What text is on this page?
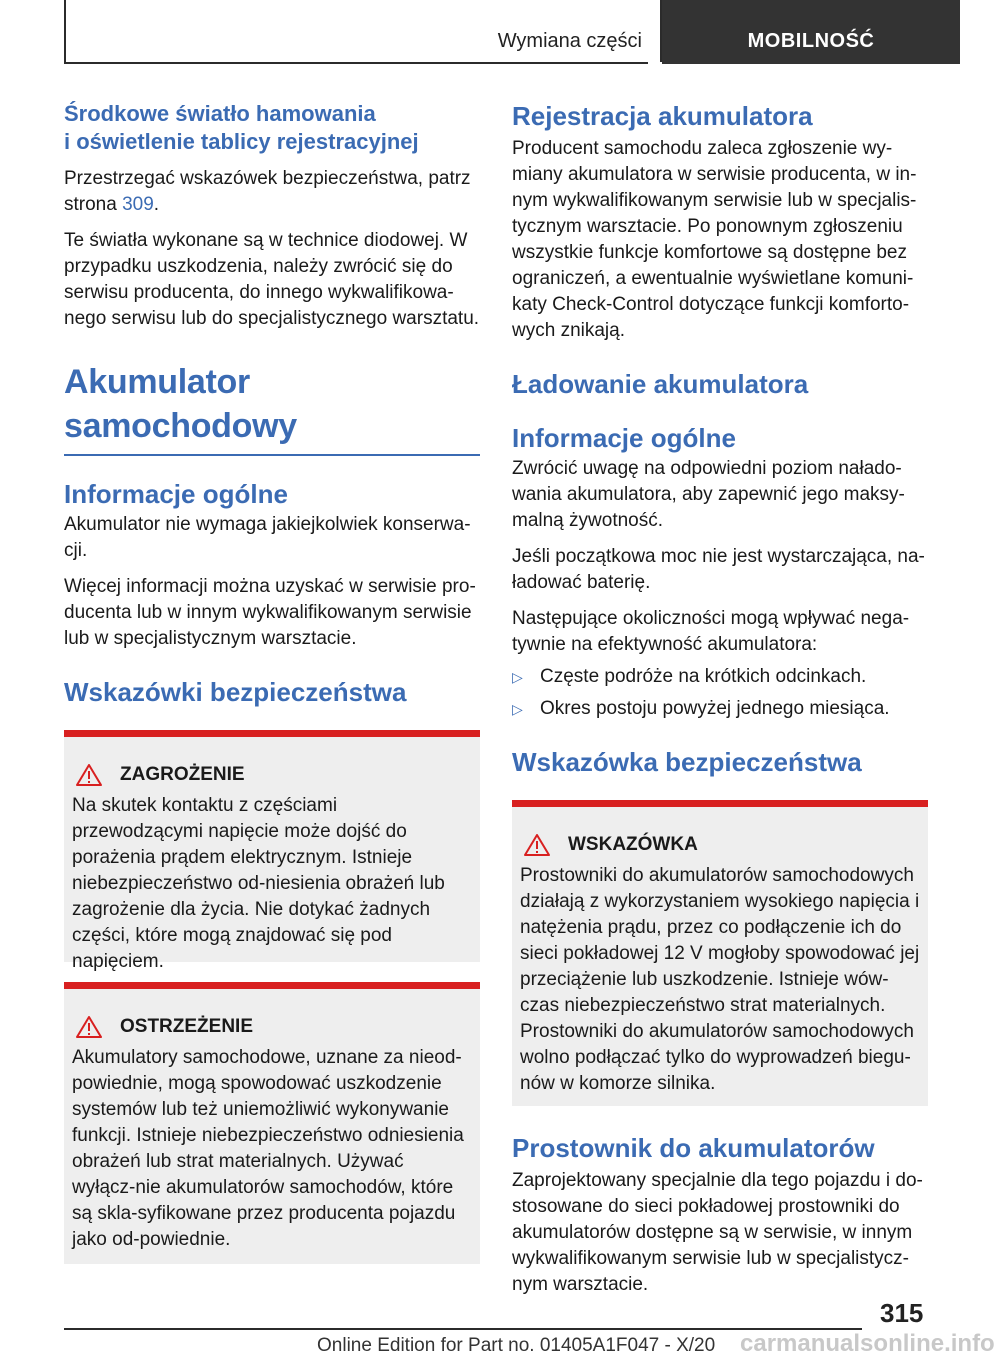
Wymiana części	MOBILNOŚĆ
Środkowe światło hamowania
i oświetlenie tablicy rejestracyjnej

Przestrzegać wskazówek bezpieczeństwa, patrz
strona 309.

Te światła wykonane są w technice diodowej. W przypadku uszkodzenia, należy zwrócić się do serwisu producenta, do innego wykwalifikowa-nego serwisu lub do specjalistycznego warsztatu.

Akumulator samochodowy
Informacje ogólne

Akumulator nie wymaga jakiejkolwiek konserwa-cji.

Więcej informacji można uzyskać w serwisie pro-ducenta lub w innym wykwalifikowanym serwisie lub w specjalistycznym warsztacie.

Wskazówki bezpieczeństwa
ZAGROŻENIE

Na skutek kontaktu z częściami przewodzącymi napięcie może dojść do porażenia prądem elektrycznym. Istnieje niebezpieczeństwo od-niesienia obrażeń lub zagrożenie dla życia. Nie dotykać żadnych części, które mogą znajdować się pod napięciem.

OSTRZEŻENIE

Akumulatory samochodowe, uznane za nieod-powiednie, mogą spowodować uszkodzenie systemów lub też uniemożliwić wykonywanie funkcji. Istnieje niebezpieczeństwo odniesienia obrażeń lub strat materialnych. Używać wyłącz-nie akumulatorów samochodów, które są skla-syfikowane przez producenta pojazdu jako od-powiednie.

Rejestracja akumulatora

Producent samochodu zaleca zgłoszenie wy-miany akumulatora w serwisie producenta, w in-nym wykwalifikowanym serwisie lub w specjalis-tycznym warsztacie. Po ponownym zgłoszeniu wszystkie funkcje komfortowe są dostępne bez ograniczeń, a ewentualnie wyświetlane komuni-katy Check-Control dotyczące funkcji komforto-wych znikają.

Ładowanie akumulatora
Informacje ogólne

Zwrócić uwagę na odpowiedni poziom nałado-wania akumulatora, aby zapewnić jego maksy-malną żywotność.

Jeśli początkowa moc nie jest wystarczająca, na-ładować baterię.

Następujące okoliczności mogą wpływać nega-tywnie na efektywność akumulatora:

▷ Częste podróże na krótkich odcinkach.
▷ Okres postoju powyżej jednego miesiąca.
Wskazówka bezpieczeństwa
WSKAZÓWKA

Prostowniki do akumulatorów samochodowych działają z wykorzystaniem wysokiego napięcia i natężenia prądu, przez co podłączenie ich do sieci pokładowej 12 V mogłoby spowodować jej przeciążenie lub uszkodzenie. Istnieje wów-czas niebezpieczeństwo strat materialnych. Prostowniki do akumulatorów samochodowych wolno podłączać tylko do wyprowadzeń biegu-nów w komorze silnika.

Prostownik do akumulatorów

Zaprojektowany specjalnie dla tego pojazdu i do-stosowane do sieci pokładowej prostowniki do akumulatorów dostępne są w serwisie, w innym wykwalifikowanym serwisie lub w specjalistycz-nym warsztacie.

315
carmanualsonline.info
Online Edition for Part no. 01405A1F047 - X/20
